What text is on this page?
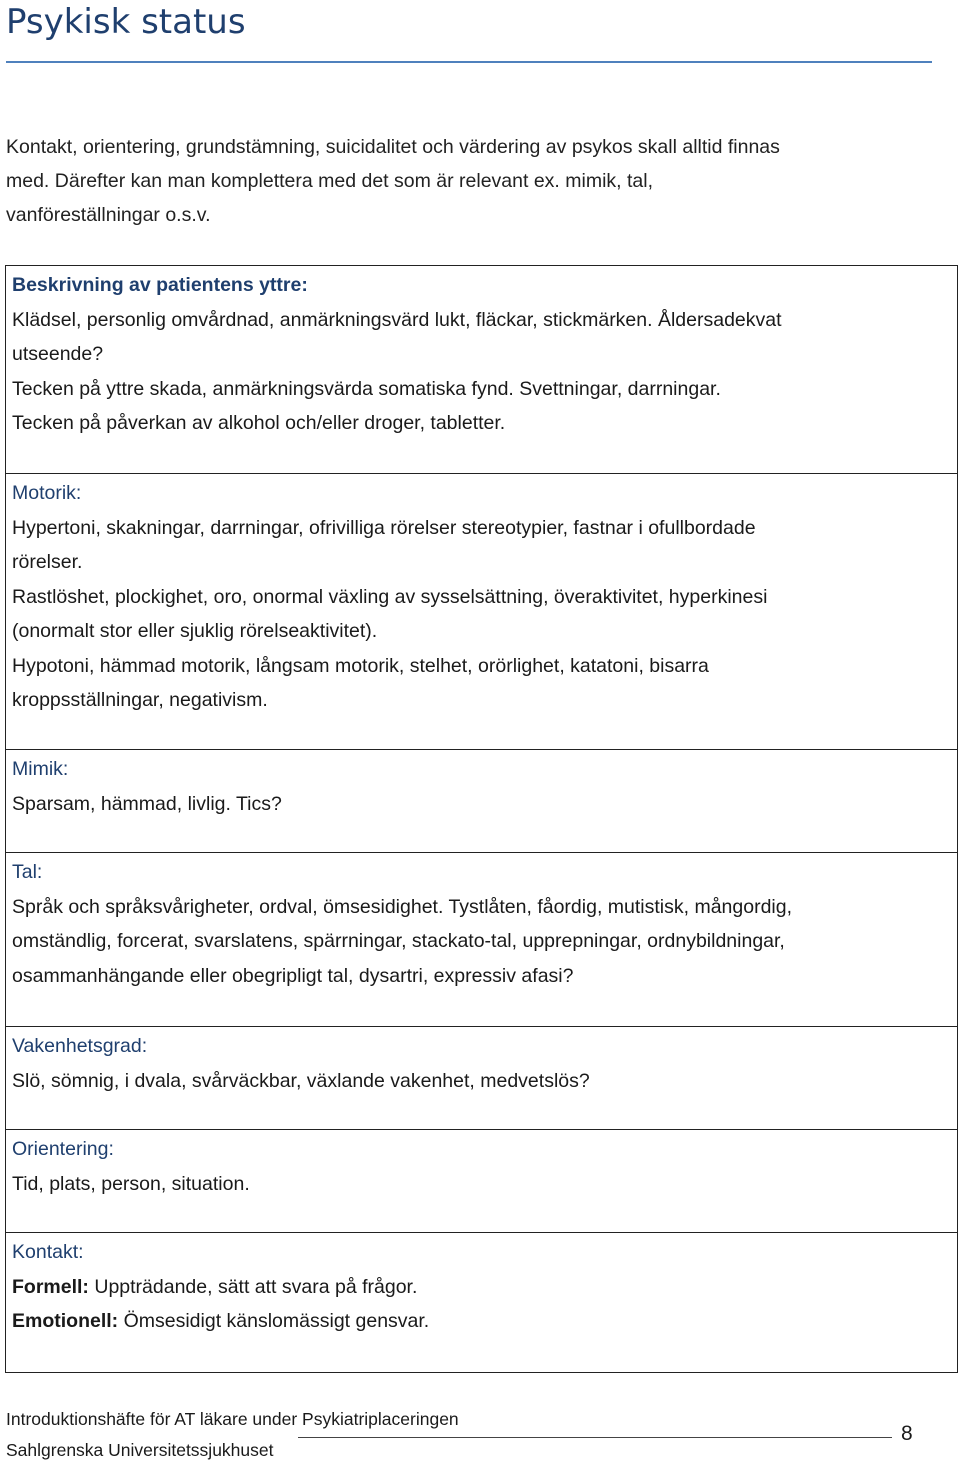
Psykisk status
Kontakt, orientering, grundstämning, suicidalitet och värdering av psykos skall alltid finnas
med. Därefter kan man komplettera med det som är relevant ex. mimik, tal,
vanföreställningar o.s.v.

Beskrivning av patientens yttre:

Klädsel, personlig omvårdnad, anmärkningsvärd lukt, fläckar, stickmärken. Åldersadekvat

utseende?

Tecken på yttre skada, anmärkningsvärda somatiska fynd. Svettningar, darrningar.

Tecken på påverkan av alkohol och/eller droger, tabletter.

Motorik:

Hypertoni, skakningar, darrningar, ofrivilliga rörelser stereotypier, fastnar i ofullbordade

rörelser.

Rastlöshet, plockighet, oro, onormal växling av sysselsättning, överaktivitet, hyperkinesi

(onormalt stor eller sjuklig rörelseaktivitet).

Hypotoni, hämmad motorik, långsam motorik, stelhet, orörlighet, katatoni, bisarra

kroppsställningar, negativism.

Mimik:

Sparsam, hämmad, livlig. Tics?

Tal:

Språk och språksvårigheter, ordval, ömsesidighet. Tystlåten, fåordig, mutistisk, mångordig,

omständlig, forcerat, svarslatens, spärrningar, stackato-tal, upprepningar, ordnybildningar,

osammanhängande eller obegripligt tal, dysartri, expressiv afasi?

Vakenhetsgrad:

Slö, sömnig, i dvala, svårväckbar, växlande vakenhet, medvetslös?

Orientering:

Tid, plats, person, situation.

Kontakt:

Formell: Uppträdande, sätt att svara på frågor.

Emotionell: Ömsesidigt känslomässigt gensvar.

Introduktionshäfte för AT läkare under Psykiatriplaceringen
Sahlgrenska Universitetssjukhuset
8
